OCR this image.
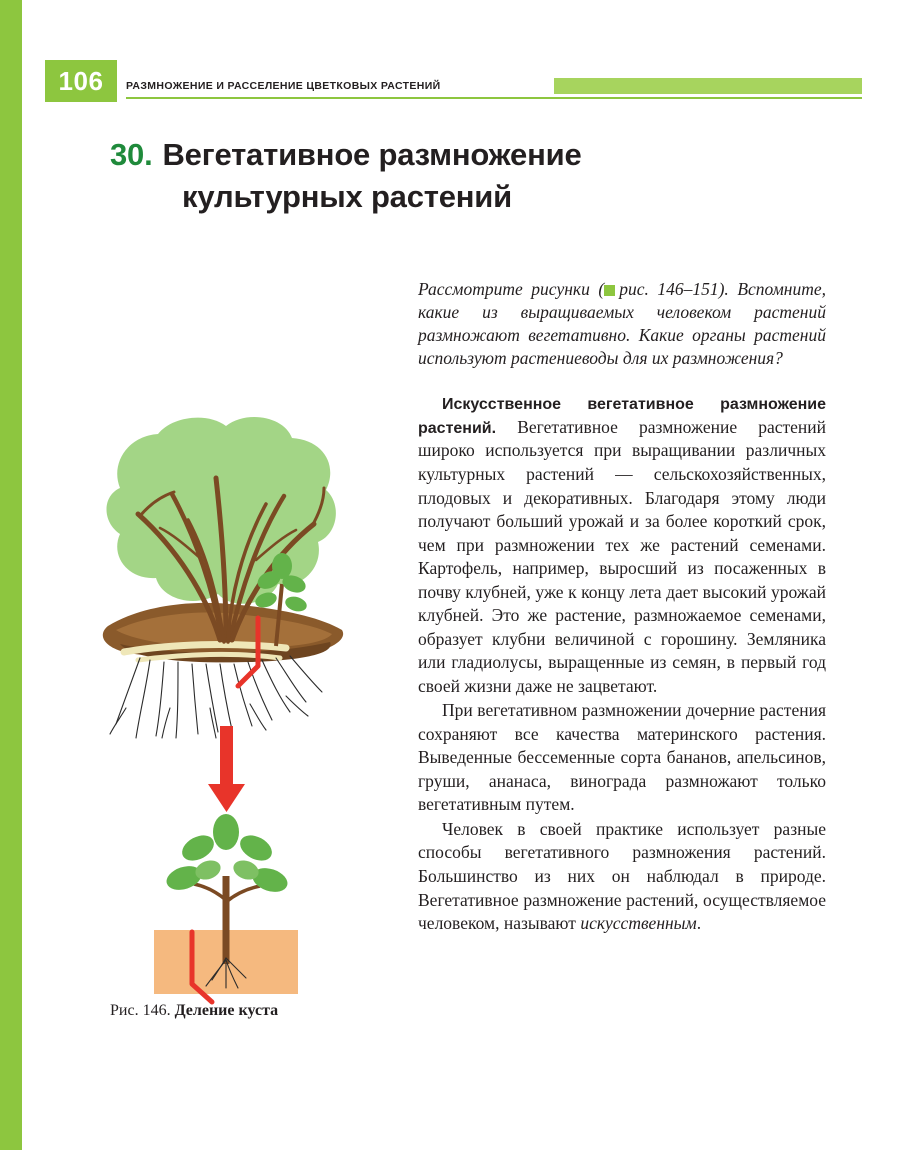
106	РАЗМНОЖЕНИЕ И РАССЕЛЕНИЕ ЦВЕТКОВЫХ РАСТЕНИЙ
30. Вегетативное размножение
культурных растений
Рис. 146. Деление куста

Рассмотрите рисунки ( рис. 146–151). Вспомните, какие из выращиваемых человеком растений размножают вегетативно. Какие органы растений используют растениеводы для их размножения?

Искусственное вегетативное размножение растений. Вегетативное размножение растений широко используется при выращивании различных культурных растений — сельскохозяйственных, плодовых и декоративных. Благодаря этому люди получают больший урожай и за более короткий срок, чем при размножении тех же растений семенами. Картофель, например, выросший из посаженных в почву клубней, уже к концу лета дает высокий урожай клубней. Это же растение, размножаемое семенами, образует клубни величиной с горошину. Земляника или гладиолусы, выращенные из семян, в первый год своей жизни даже не зацветают.

При вегетативном размножении дочерние растения сохраняют все качества материнского растения. Выведенные бессеменные сорта бананов, апельсинов, груши, ананаса, винограда размножают только вегетативным путем.

Человек в своей практике использует разные способы вегетативного размножения растений. Большинство из них он наблюдал в природе. Вегетативное размножение растений, осуществляемое человеком, называют искусственным.
